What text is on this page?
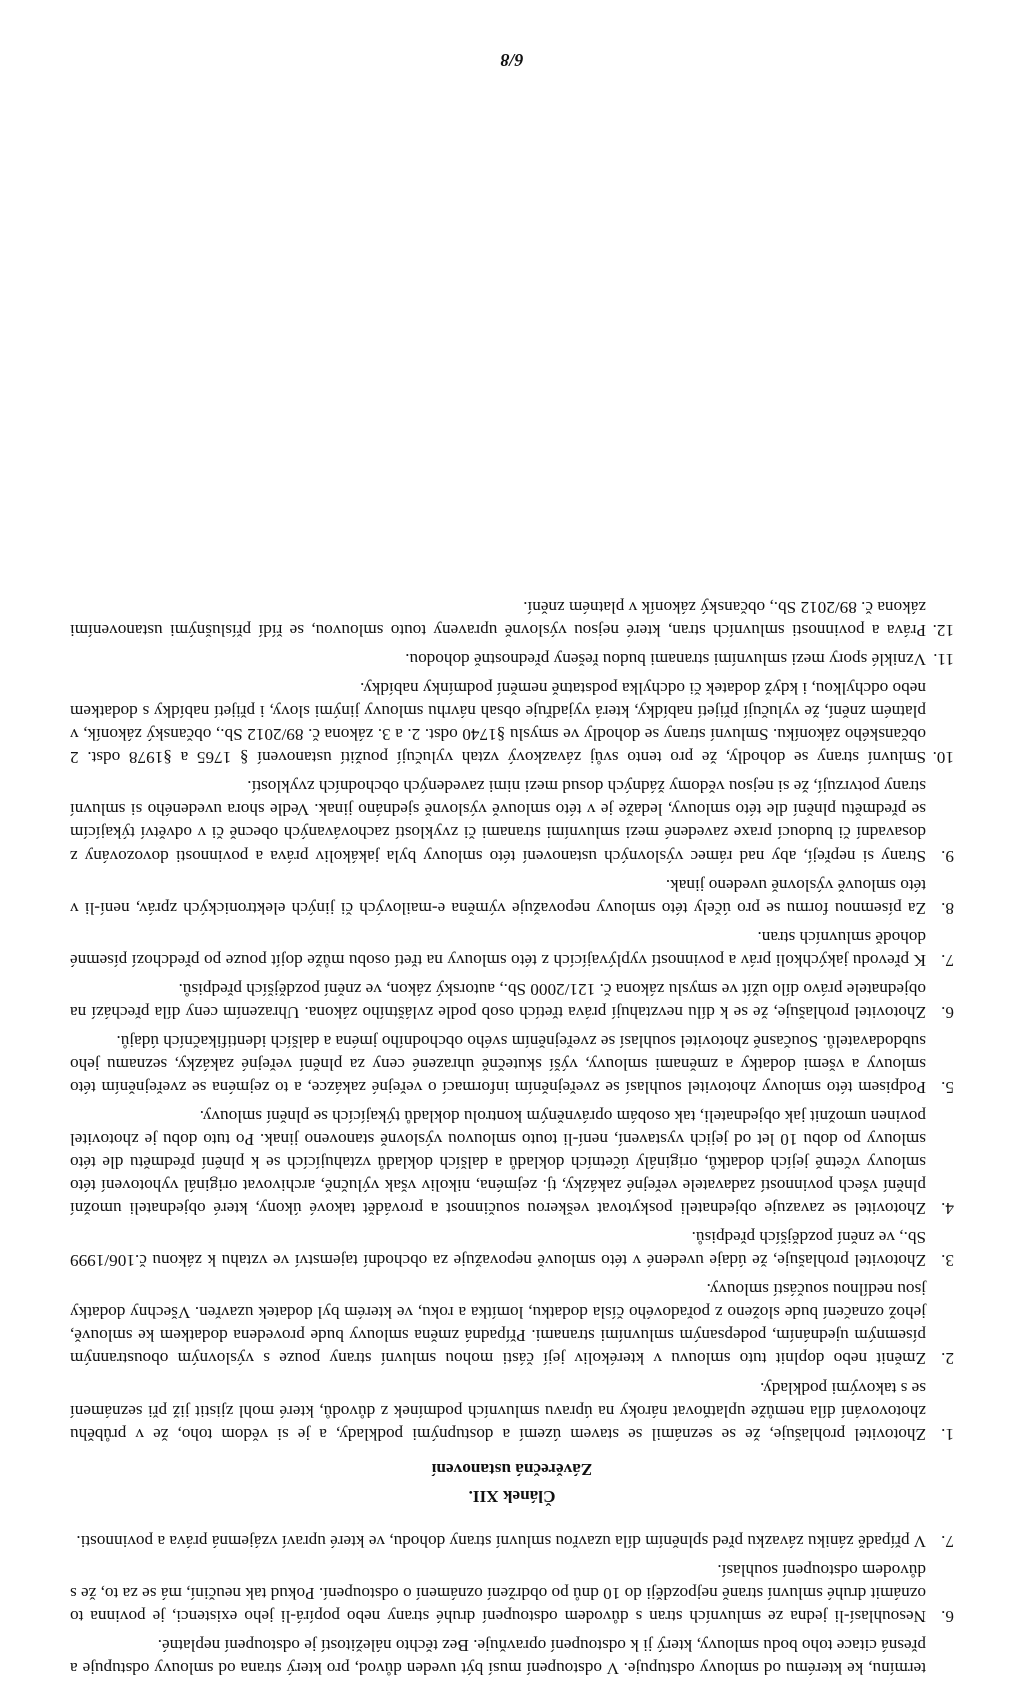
termínu, ke kterému od smlouvy odstupuje. V odstoupení musí být uveden důvod, pro který strana od smlouvy odstupuje a přesná citace toho bodu smlouvy, který ji k odstoupení opravňuje. Bez těchto náležitostí je odstoupení neplatné.
6.
Nesouhlasí-li jedna ze smluvních stran s důvodem odstoupení druhé strany nebo popírá-li jeho existenci, je povinna to oznámit druhé smluvní straně nejpozději do 10 dnů po obdržení oznámení o odstoupení. Pokud tak neučiní, má se za to, že s důvodem odstoupení souhlasí.
7.
V případě zániku závazku před splněním díla uzavřou smluvní strany dohodu, ve které upraví vzájemná práva a povinnosti.
Článek XII.
Závěrečná ustanovení
1.
Zhotovitel prohlašuje, že se seznámil se stavem území a dostupnými podklady, a je si vědom toho, že v průběhu zhotovování díla nemůže uplatňovat nároky na úpravu smluvních podmínek z důvodů, které mohl zjistit již při seznámení se s takovými podklady.
2.
Změnit nebo doplnit tuto smlouvu v kterékoliv její části mohou smluvní strany pouze s výslovným oboustranným písemným ujednáním, podepsaným smluvními stranami. Případná změna smlouvy bude provedena dodatkem ke smlouvě, jehož označení bude složeno z pořadového čísla dodatku, lomítka a roku, ve kterém byl dodatek uzavřen. Všechny dodatky jsou nedílnou součástí smlouvy.
3.
Zhotovitel prohlašuje, že údaje uvedené v této smlouvě nepovažuje za obchodní tajemství ve vztahu k zákonu č.106/1999 Sb., ve znění pozdějších předpisů.
4.
Zhotovitel se zavazuje objednateli poskytovat veškerou součinnost a provádět takové úkony, které objednateli umožní plnění všech povinností zadavatele veřejné zakázky, tj. zejména, nikoliv však výlučně, archivovat originál vyhotovení této smlouvy včetně jejích dodatků, originály účetních dokladů a dalších dokladů vztahujících se k plnění předmětu dle této smlouvy po dobu 10 let od jejich vystavení, není-li touto smlouvou výslovně stanoveno jinak. Po tuto dobu je zhotovitel povinen umožnit jak objednateli, tak osobám oprávněným kontrolu dokladů týkajících se plnění smlouvy.
5.
Podpisem této smlouvy zhotovitel souhlasí se zveřejněním informací o veřejné zakázce, a to zejména se zveřejněním této smlouvy a všemi dodatky a změnami smlouvy, výší skutečně uhrazené ceny za plnění veřejné zakázky, seznamu jeho subdodavatelů. Současně zhotovitel souhlasí se zveřejněním svého obchodního jména a dalších identifikačních údajů.
6.
Zhotovitel prohlašuje, že se k dílu nevztahují práva třetích osob podle zvláštního zákona. Uhrazením ceny díla přechází na objednatele právo dílo užít ve smyslu zákona č. 121/2000 Sb., autorský zákon, ve znění pozdějších předpisů.
7.
K převodu jakýchkoli práv a povinností vyplývajících z této smlouvy na třetí osobu může dojít pouze po předchozí písemné dohodě smluvních stran.
8.
Za písemnou formu se pro účely této smlouvy nepovažuje výměna e-mailových či jiných elektronických zpráv, není-li v této smlouvě výslovně uvedeno jinak.
9.
Strany si nepřejí, aby nad rámec výslovných ustanovení této smlouvy byla jakákoliv práva a povinnosti dovozovány z dosavadní či budoucí praxe zavedené mezi smluvními stranami či zvyklostí zachovávaných obecně či v odvětví týkajícím se předmětu plnění dle této smlouvy, ledaže je v této smlouvě výslovně sjednáno jinak. Vedle shora uvedeného si smluvní strany potvrzují, že si nejsou vědomy žádných dosud mezi nimi zavedených obchodních zvyklostí.
10.
Smluvní strany se dohodly, že pro tento svůj závazkový vztah vylučují použití ustanovení § 1765 a §1978 odst. 2 občanského zákoníku. Smluvní strany se dohodly ve smyslu §1740 odst. 2. a 3. zákona č. 89/2012 Sb., občanský zákoník, v platném znění, že vylučují přijetí nabídky, která vyjadřuje obsah návrhu smlouvy jinými slovy, i přijetí nabídky s dodatkem nebo odchylkou, i když dodatek či odchylka podstatně nemění podmínky nabídky.
11.
Vzniklé spory mezi smluvními stranami budou řešeny přednostně dohodou.
12.
Práva a povinnosti smluvních stran, které nejsou výslovně upraveny touto smlouvou, se řídí příslušnými ustanoveními zákona č. 89/2012 Sb., občanský zákoník v platném znění.
6/8
